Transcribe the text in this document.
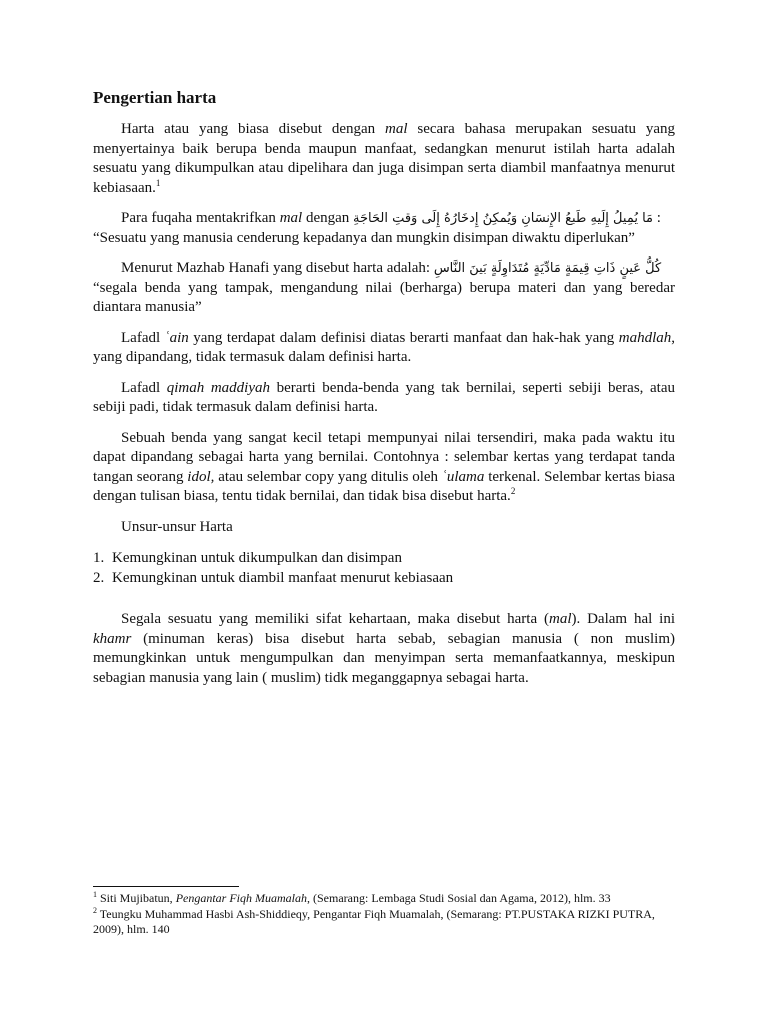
Pengertian harta

Harta atau yang biasa disebut dengan mal secara bahasa merupakan sesuatu yang menyertainya baik berupa benda maupun manfaat, sedangkan menurut istilah harta adalah sesuatu yang dikumpulkan atau dipelihara dan juga disimpan serta diambil manfaatnya menurut kebiasaan.$^1$

Para fuqaha mentakrifkan mal dengan مَا يُمِيلُ إِلَيهِ طَبعُ الإِنسَانِ وَيُمكِنُ إِدخَارُهُ إِلَى وَقتِ الحَاجَةِ :
“Sesuatu yang manusia cenderung kepadanya dan mungkin disimpan diwaktu diperlukan”

Menurut Mazhab Hanafi yang disebut harta adalah: كُلُّ عَينٍ ذَاتِ قِيمَةٍ مَادِّيَةٍ مُتَدَاوِلَةٍ بَينَ النَّاسِ
“segala benda yang tampak, mengandung nilai (berharga) berupa materi dan yang beredar diantara manusia”

Lafadl ʿain yang terdapat dalam definisi diatas berarti manfaat dan hak-hak yang mahdlah, yang dipandang, tidak termasuk dalam definisi harta.

Lafadl qimah maddiyah berarti benda-benda yang tak bernilai, seperti sebiji beras, atau sebiji padi, tidak termasuk dalam definisi harta.

Sebuah benda yang sangat kecil tetapi mempunyai nilai tersendiri, maka pada waktu itu dapat dipandang sebagai harta yang bernilai. Contohnya : selembar kertas yang terdapat tanda tangan seorang idol, atau selembar copy yang ditulis oleh ʿulama terkenal. Selembar kertas biasa dengan tulisan biasa, tentu tidak bernilai, dan tidak bisa disebut harta.$^2$

Unsur-unsur Harta

1. Kemungkinan untuk dikumpulkan dan disimpan
2. Kemungkinan untuk diambil manfaat menurut kebiasaan

Segala sesuatu yang memiliki sifat kehartaan, maka disebut harta (mal). Dalam hal ini khamr (minuman keras) bisa disebut harta sebab, sebagian manusia ( non muslim) memungkinkan untuk mengumpulkan dan menyimpan serta memanfaatkannya, meskipun sebagian manusia yang lain ( muslim) tidk meganggapnya sebagai harta.

$^1$ Siti Mujibatun, Pengantar Fiqh Muamalah, (Semarang: Lembaga Studi Sosial dan Agama, 2012), hlm. 33

$^2$ Teungku Muhammad Hasbi Ash-Shiddieqy, Pengantar Fiqh Muamalah, (Semarang: PT.PUSTAKA RIZKI PUTRA, 2009), hlm. 140
